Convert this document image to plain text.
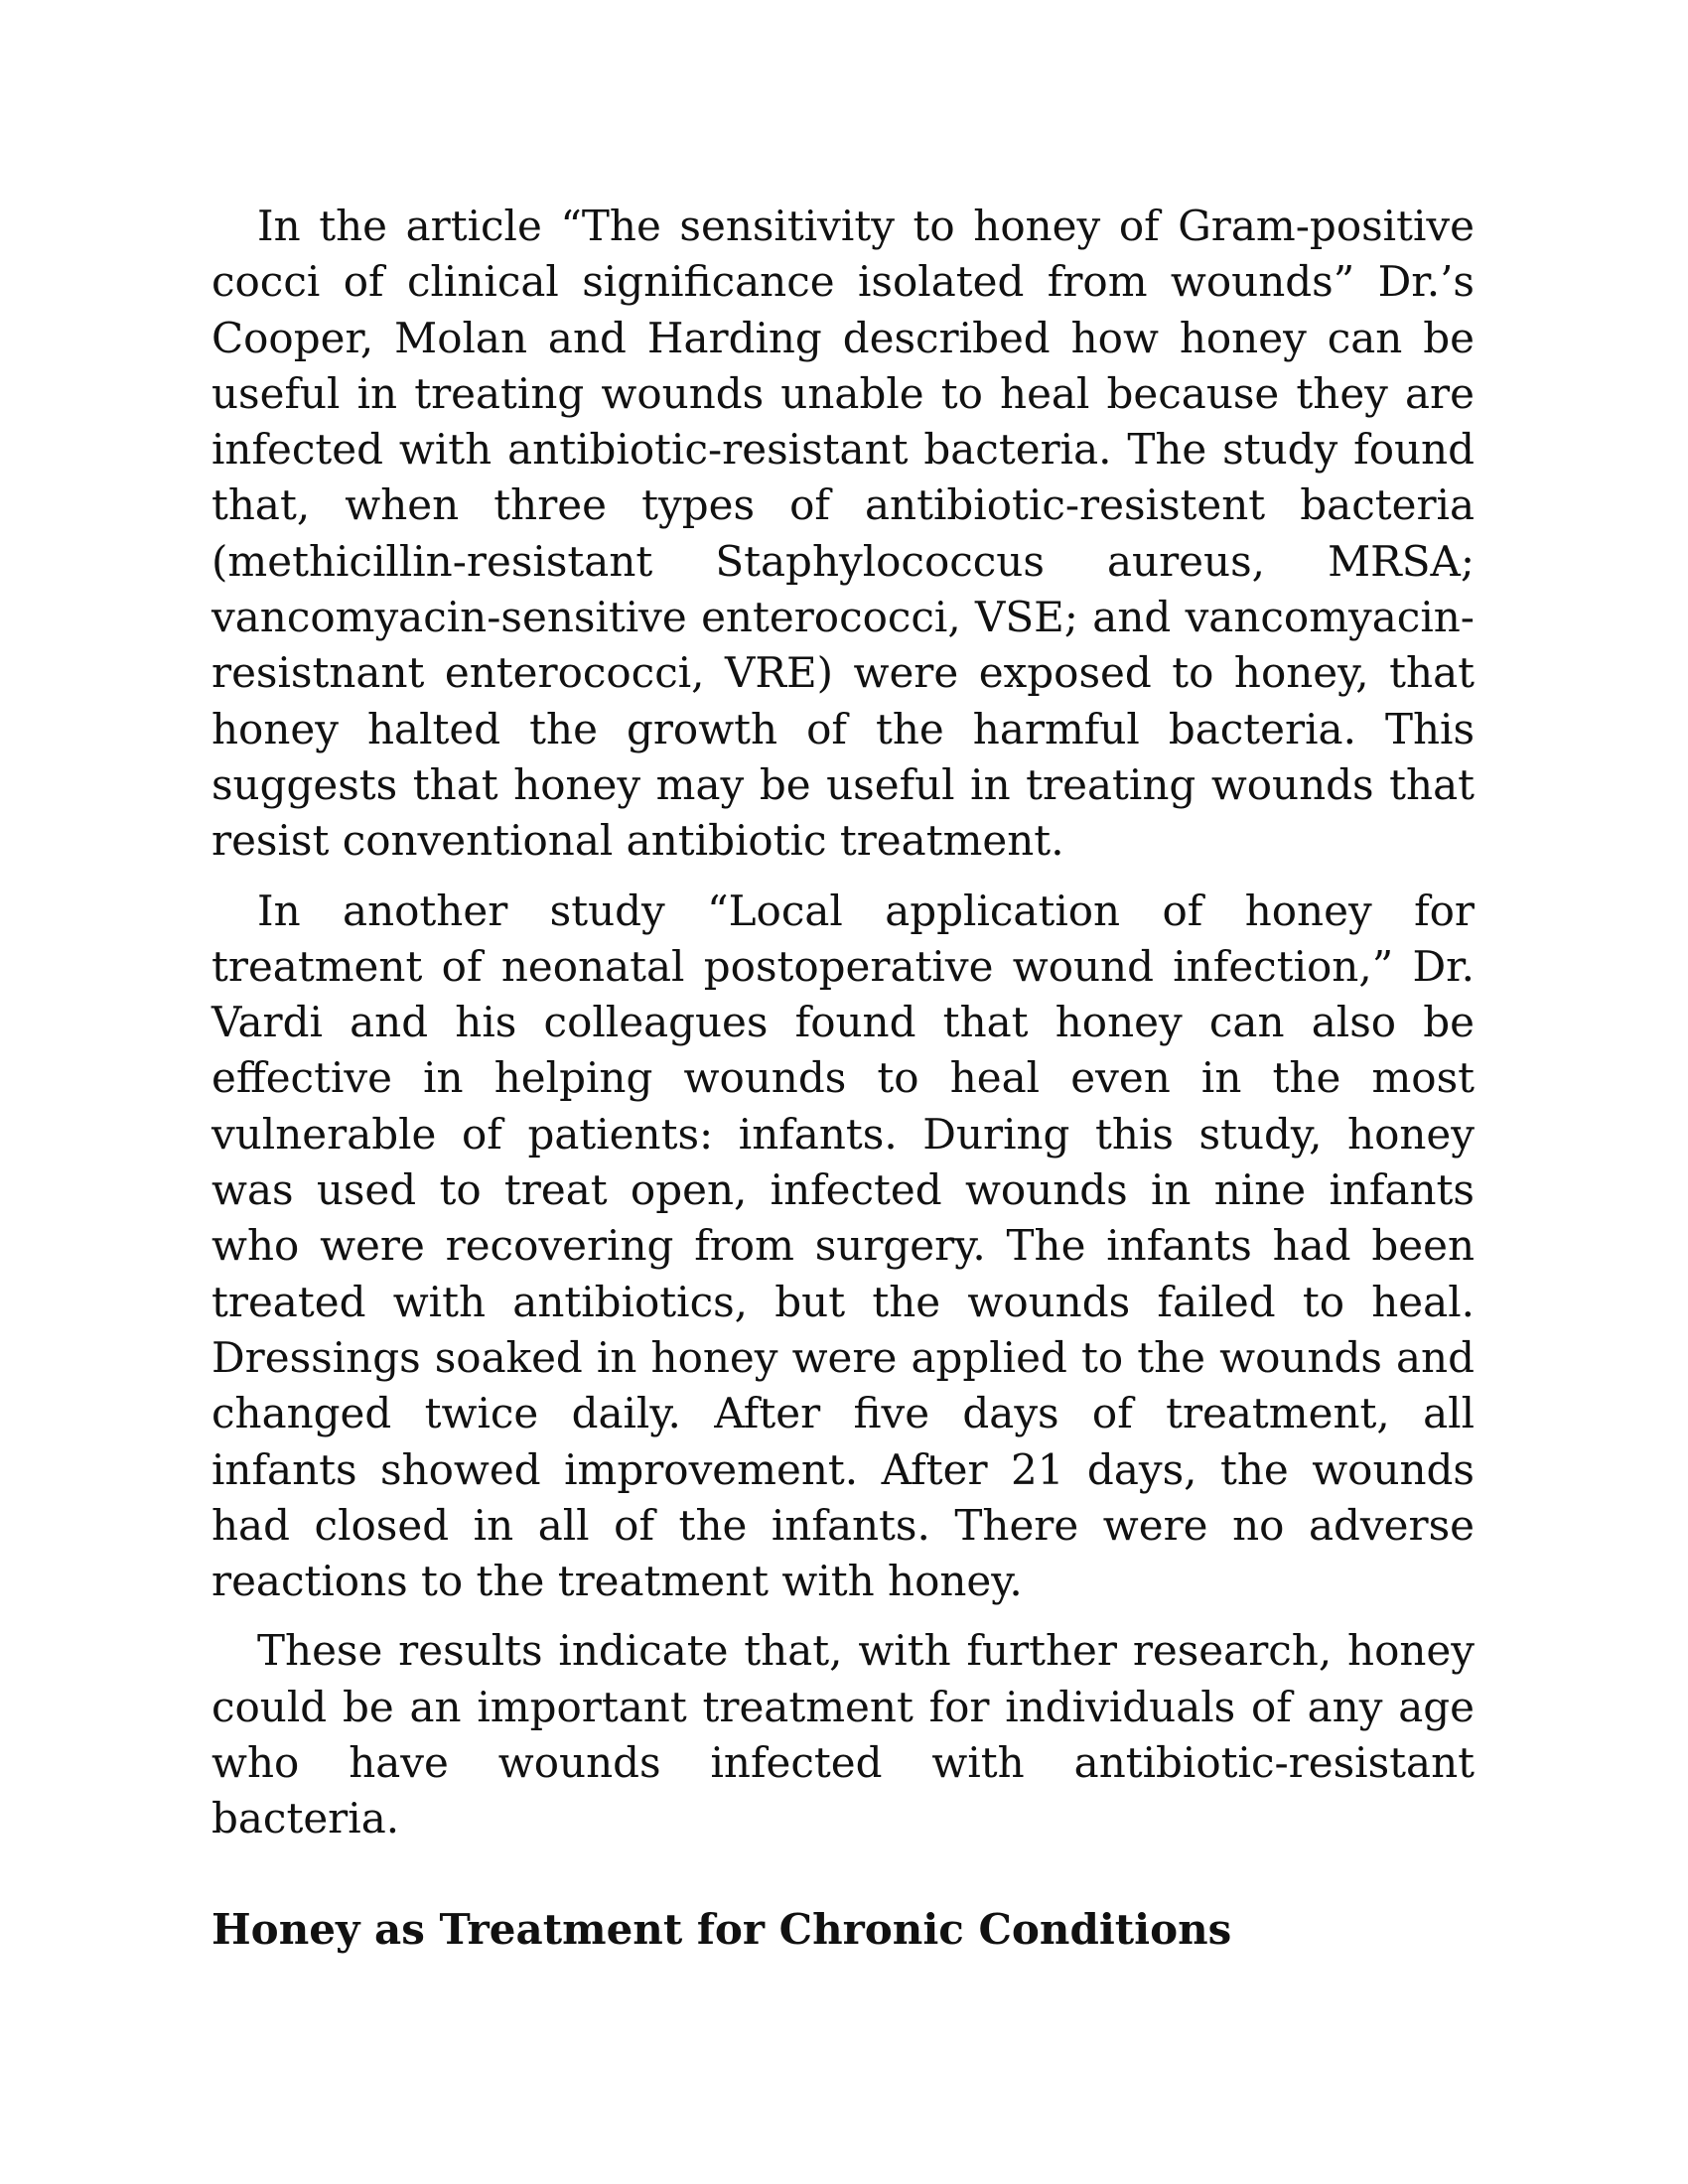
In the article “The sensitivity to honey of Gram-positive cocci of clinical significance isolated from wounds” Dr.’s Cooper, Molan and Harding described how honey can be useful in treating wounds unable to heal because they are infected with antibiotic-resistant bacteria. The study found that, when three types of antibiotic-resistent bacteria (methicillin-resistant Staphylococcus aureus, MRSA; vancomyacin-sensitive enterococci, VSE; and vancomyacin-resistnant enterococci, VRE) were exposed to honey, that honey halted the growth of the harmful bacteria. This suggests that honey may be useful in treating wounds that resist conventional antibiotic treatment.

In another study “Local application of honey for treatment of neonatal postoperative wound infection,” Dr. Vardi and his colleagues found that honey can also be effective in helping wounds to heal even in the most vulnerable of patients: infants. During this study, honey was used to treat open, infected wounds in nine infants who were recovering from surgery. The infants had been treated with antibiotics, but the wounds failed to heal. Dressings soaked in honey were applied to the wounds and changed twice daily. After five days of treatment, all infants showed improvement. After 21 days, the wounds had closed in all of the infants. There were no adverse reactions to the treatment with honey.

These results indicate that, with further research, honey could be an important treatment for individuals of any age who have wounds infected with antibiotic-resistant bacteria.

Honey as Treatment for Chronic Conditions
